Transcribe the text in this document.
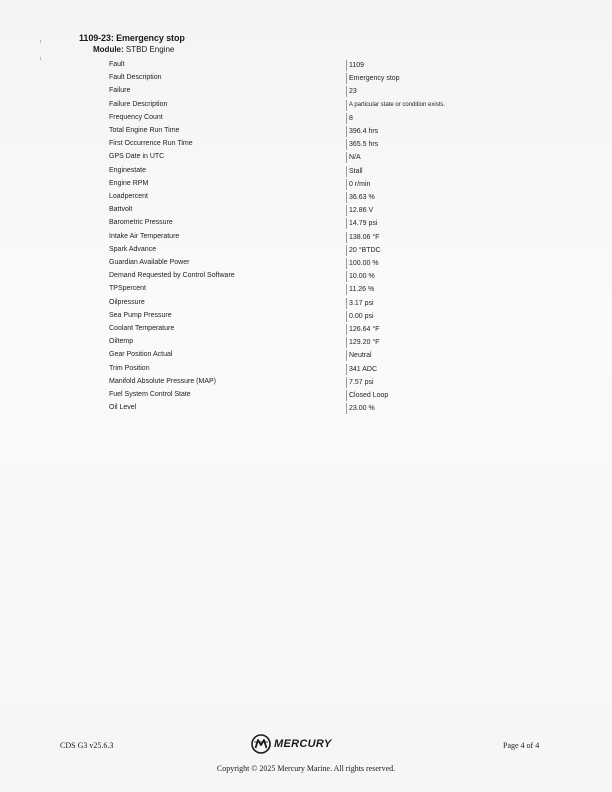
1109-23: Emergency stop
Module: STBD Engine
Fault	1109
Fault Description	Emergency stop
Failure	23
Failure Description	A particular state or condition exists.
Frequency Count	8
Total Engine Run Time	396.4 hrs
First Occurrence Run Time	365.5 hrs
GPS Date in UTC	N/A
Enginestate	Stall
Engine RPM	0 r/min
Loadpercent	36.63 %
Battvolt	12.86 V
Barometric Pressure	14.79 psi
Intake Air Temperature	138.06 °F
Spark Advance	20 °BTDC
Guardian Available Power	100.00 %
Demand Requested by Control Software	10.00 %
TPSpercent	11.26 %
Oilpressure	3.17 psi
Sea Pump Pressure	0.00 psi
Coolant Temperature	126.64 °F
Oiltemp	129.20 °F
Gear Position Actual	Neutral
Trim Position	341 ADC
Manifold Absolute Pressure (MAP)	7.57 psi
Fuel System Control State	Closed Loop
Oil Level	23.00 %
CDS G3 v25.6.3	MERCURY	Page 4 of 4
Copyright © 2025 Mercury Marine. All rights reserved.
